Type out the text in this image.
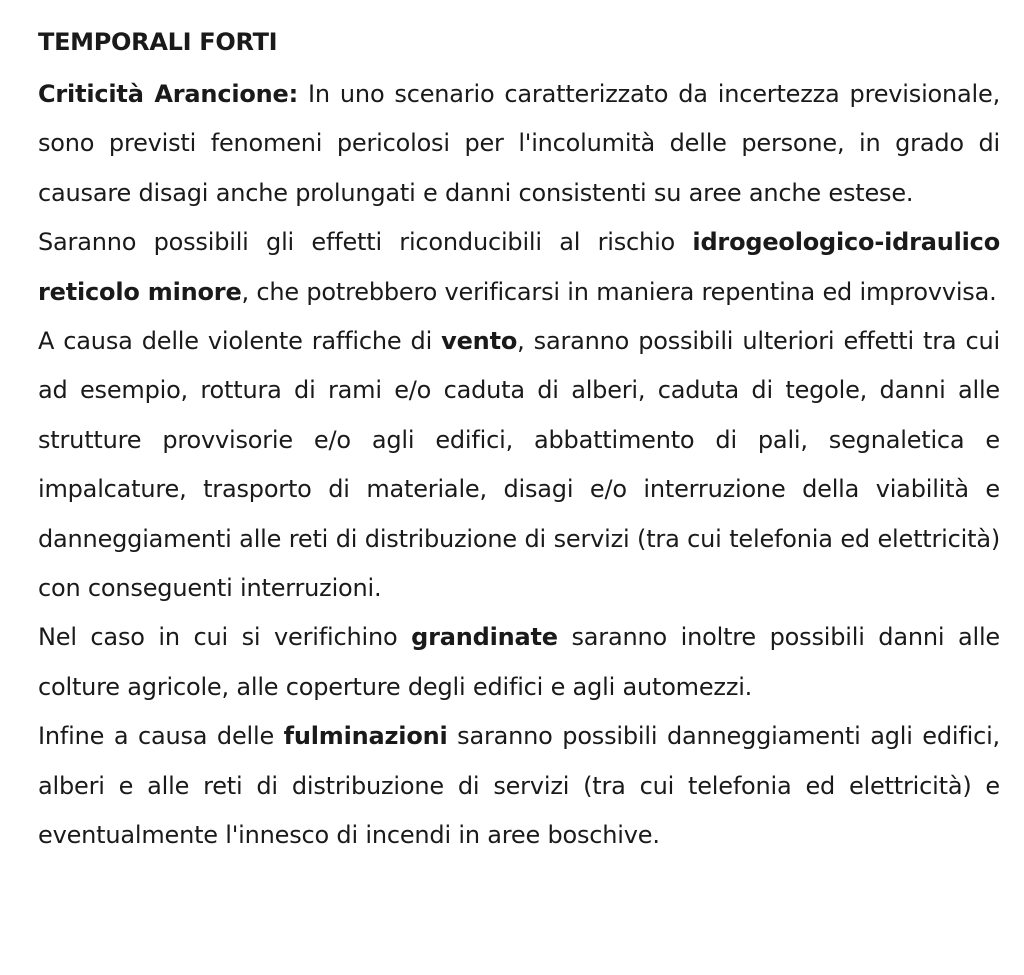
TEMPORALI FORTI

Criticità Arancione: In uno scenario caratterizzato da incertezza previsionale, sono previsti fenomeni pericolosi per l'incolumità delle persone, in grado di causare disagi anche prolungati e danni consistenti su aree anche estese.

Saranno possibili gli effetti riconducibili al rischio idrogeologico-idraulico reticolo minore, che potrebbero verificarsi in maniera repentina ed improvvisa.

A causa delle violente raffiche di vento, saranno possibili ulteriori effetti tra cui ad esempio, rottura di rami e/o caduta di alberi, caduta di tegole, danni alle strutture provvisorie e/o agli edifici, abbattimento di pali, segnaletica e impalcature, trasporto di materiale, disagi e/o interruzione della viabilità e danneggiamenti alle reti di distribuzione di servizi (tra cui telefonia ed elettricità) con conseguenti interruzioni.

Nel caso in cui si verifichino grandinate saranno inoltre possibili danni alle colture agricole, alle coperture degli edifici e agli automezzi.

Infine a causa delle fulminazioni saranno possibili danneggiamenti agli edifici, alberi e alle reti di distribuzione di servizi (tra cui telefonia ed elettricità) e eventualmente l'innesco di incendi in aree boschive.
